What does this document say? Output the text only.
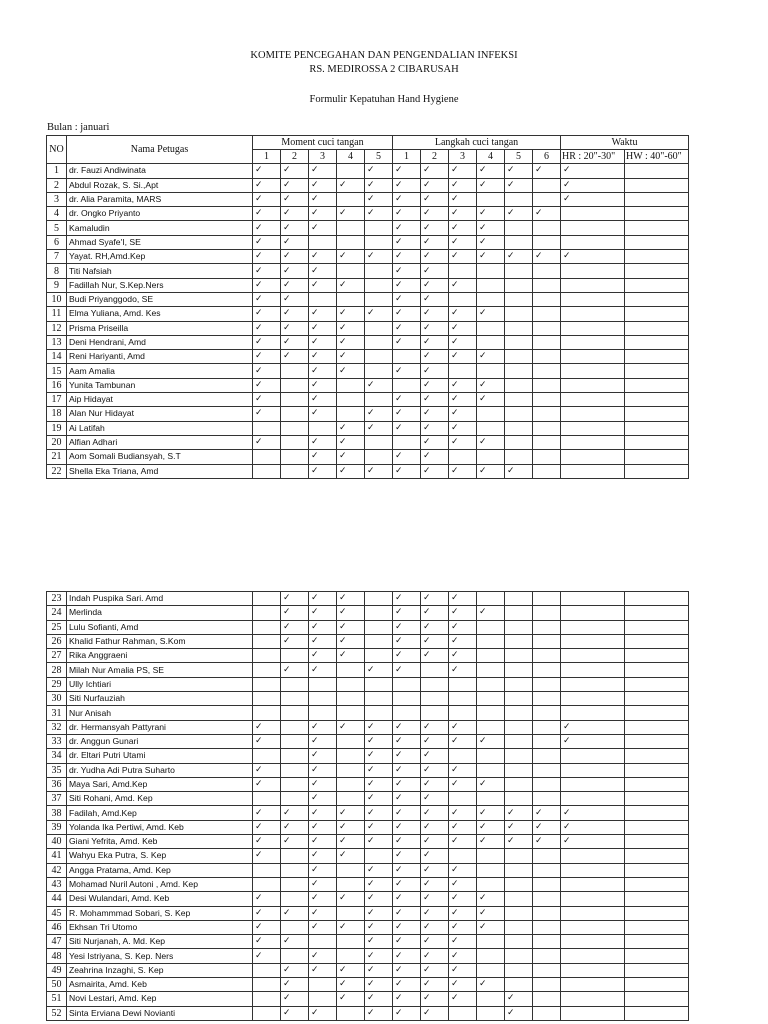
KOMITE PENCEGAHAN DAN PENGENDALIAN INFEKSI
RS. MEDIROSSA 2 CIBARUSAH
Formulir Kepatuhan Hand Hygiene
Bulan : januari
NO	Nama Petugas	Moment cuci tangan					Langkah cuci tangan						Waktu	
		1	2	3	4	5	1	2	3	4	5	6	HR : 20"-30"	HW : 40"-60"
1	dr. Fauzi Andiwinata	✓	✓	✓		✓	✓	✓	✓	✓	✓	✓	✓	
2	Abdul Rozak, S. Si.,Apt	✓	✓	✓	✓	✓	✓	✓	✓	✓	✓		✓	
3	dr. Alia Paramita, MARS	✓	✓	✓		✓	✓	✓	✓				✓	
4	dr. Ongko Priyanto	✓	✓	✓	✓	✓	✓	✓	✓	✓	✓	✓		
5	Kamaludin	✓	✓	✓			✓	✓	✓	✓				
6	Ahmad Syafe'I, SE	✓	✓				✓	✓	✓	✓				
7	Yayat. RH,Amd.Kep	✓	✓	✓	✓	✓	✓	✓	✓	✓	✓	✓	✓	
8	Titi Nafsiah	✓	✓	✓			✓	✓						
9	Fadillah Nur, S.Kep.Ners	✓	✓	✓	✓		✓	✓	✓					
10	Budi Priyanggodo, SE	✓	✓				✓	✓						
11	Elma Yuliana, Amd. Kes	✓	✓	✓	✓	✓	✓	✓	✓	✓				
12	Prisma Priseilla	✓	✓	✓	✓		✓	✓	✓					
13	Deni Hendrani, Amd	✓	✓	✓	✓		✓	✓	✓					
14	Reni Hariyanti, Amd	✓	✓	✓	✓			✓	✓	✓				
15	Aam Amalia	✓		✓	✓		✓	✓						
16	Yunita Tambunan	✓		✓		✓		✓	✓	✓				
17	Aip Hidayat	✓		✓			✓	✓	✓	✓				
18	Alan Nur Hidayat	✓		✓		✓	✓	✓	✓					
19	Ai Latifah				✓	✓	✓	✓	✓					
20	Alfian Adhari	✓		✓	✓			✓	✓	✓				
21	Aom Somali Budiansyah, S.T			✓	✓		✓	✓						
22	Shella Eka Triana, Amd			✓	✓	✓	✓	✓	✓	✓	✓			
23	Indah Puspika Sari. Amd		✓	✓	✓		✓	✓	✓					
24	Merlinda		✓	✓	✓		✓	✓	✓	✓				
25	Lulu Sofianti, Amd		✓	✓	✓		✓	✓	✓					
26	Khalid Fathur Rahman, S.Kom		✓	✓	✓		✓	✓	✓					
27	Rika Anggraeni			✓	✓		✓	✓	✓					
28	Milah Nur Amalia PS, SE		✓	✓		✓	✓		✓					
29	Ully Ichtiari													
30	Siti Nurfauziah													
31	Nur Anisah													
32	dr. Hermansyah Pattyrani	✓		✓	✓	✓	✓	✓	✓				✓	
33	dr. Anggun Gunari	✓		✓		✓	✓	✓	✓	✓			✓	
34	dr. Eltari Putri Utami			✓		✓	✓	✓						
35	dr. Yudha Adi Putra Suharto	✓		✓		✓	✓	✓	✓					
36	Maya Sari, Amd.Kep	✓		✓		✓	✓	✓	✓	✓				
37	Siti Rohani, Amd. Kep			✓		✓	✓	✓						
38	Fadilah, Amd.Kep	✓	✓	✓	✓	✓	✓	✓	✓	✓	✓	✓	✓	
39	Yolanda Ika Pertiwi, Amd. Keb	✓	✓	✓	✓	✓	✓	✓	✓	✓	✓	✓	✓	
40	Giani Yefrita, Amd. Keb	✓	✓	✓	✓	✓	✓	✓	✓	✓	✓	✓	✓	
41	Wahyu Eka Putra, S. Kep	✓		✓	✓		✓	✓						
42	Angga Pratama, Amd. Kep			✓		✓	✓	✓	✓					
43	Mohamad Nuril Autoni , Amd. Kep			✓		✓	✓	✓	✓					
44	Desi Wulandari, Amd. Keb	✓		✓	✓	✓	✓	✓	✓	✓				
45	R. Mohammmad Sobari, S. Kep	✓	✓	✓		✓	✓	✓	✓	✓				
46	Ekhsan Tri Utomo	✓		✓	✓	✓	✓	✓	✓	✓				
47	Siti Nurjanah, A. Md. Kep	✓	✓			✓	✓	✓	✓					
48	Yesi Istriyana, S. Kep. Ners	✓		✓		✓	✓	✓	✓					
49	Zeahrina Inzaghi, S. Kep		✓	✓	✓	✓	✓	✓	✓					
50	Asmairita, Amd. Keb		✓		✓	✓	✓	✓	✓	✓				
51	Novi Lestari, Amd. Kep		✓		✓	✓	✓	✓	✓		✓			
52	Sinta Erviana Dewi Novianti		✓	✓		✓	✓	✓			✓			
